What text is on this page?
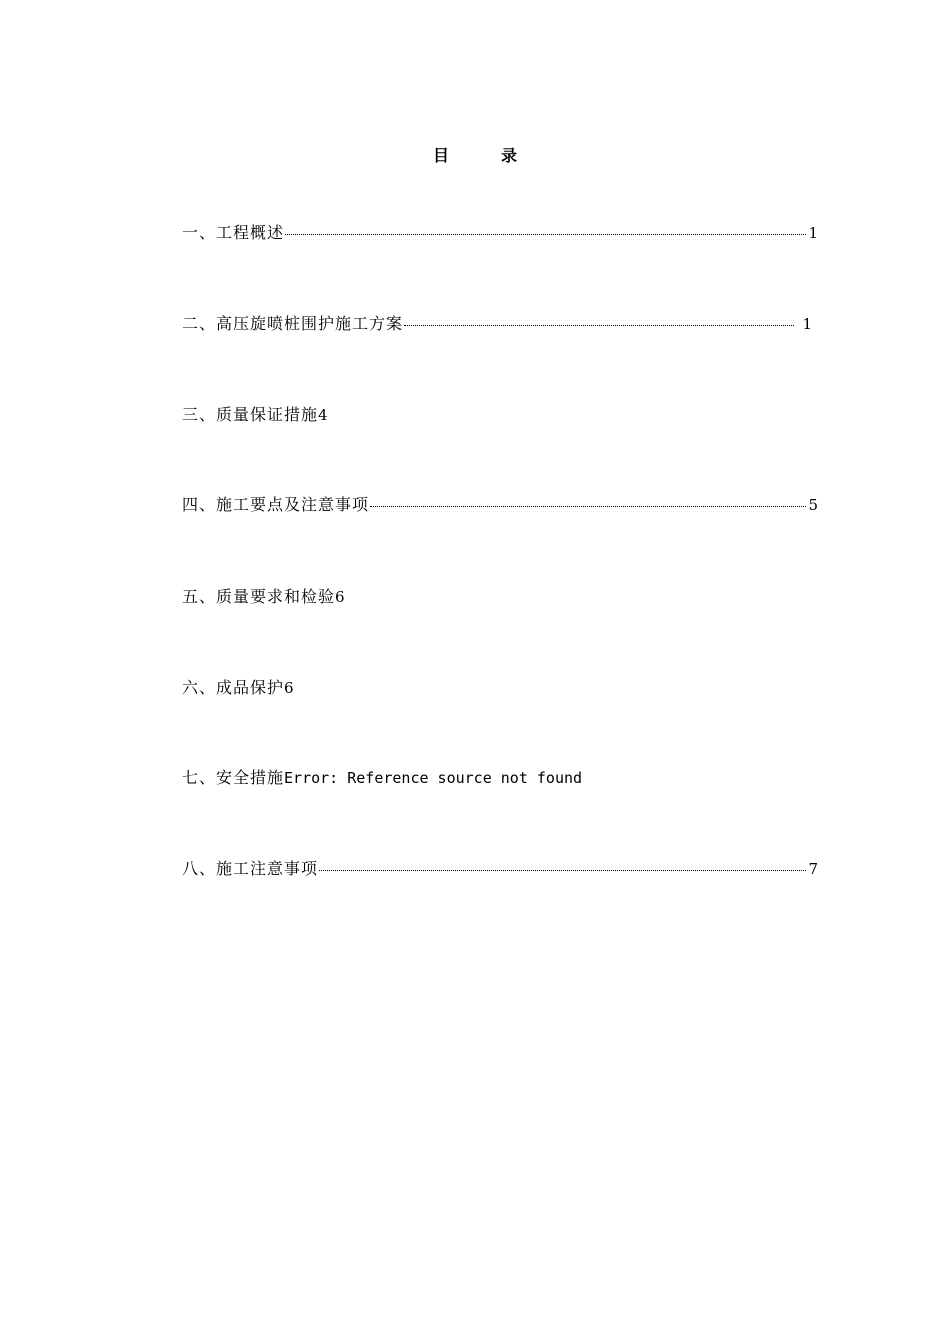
目	录
一、工程概述	1
二、高压旋喷桩围护施工方案	1
三、质量保证措施 4
四、施工要点及注意事项	5
五、质量要求和检验 6
六、成品保护 6
七、安全措施 Error: Reference source not found
八、施工注意事项	7
